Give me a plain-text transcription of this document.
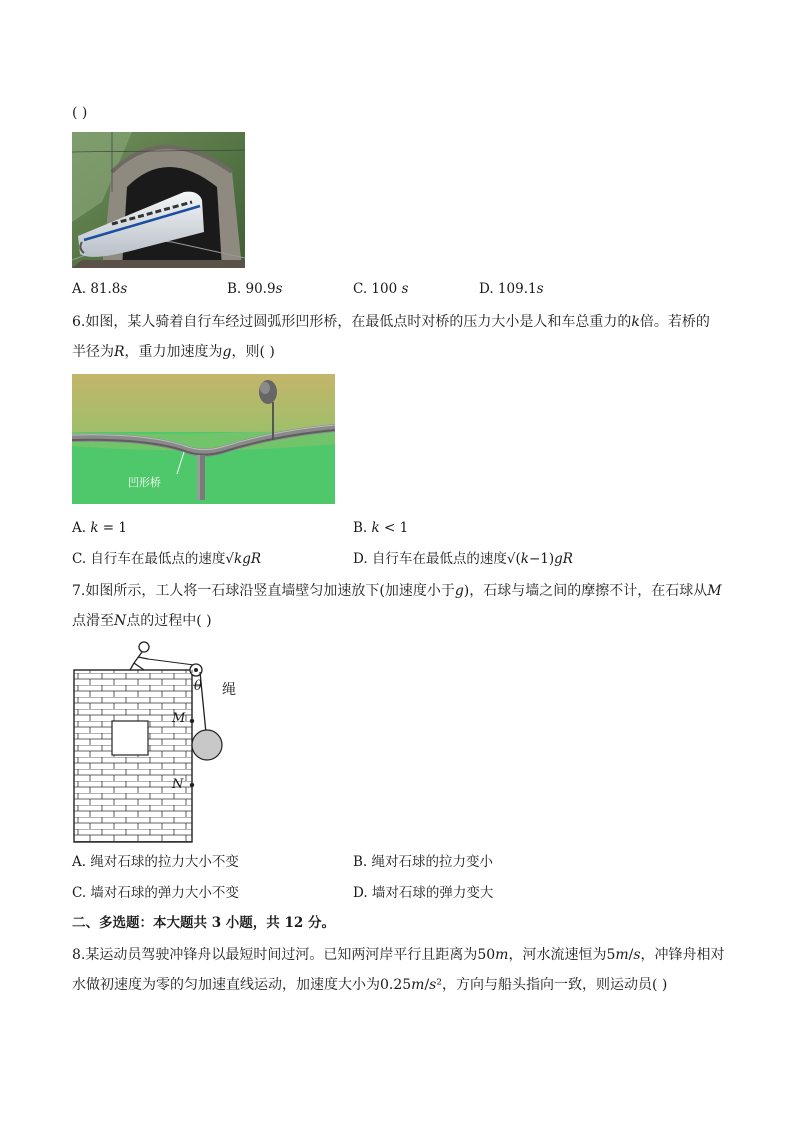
( )
A. 81.8𝑠	B. 90.9𝑠	C. 100 𝑠	D. 109.1𝑠
6.如图，某人骑着自行车经过圆弧形凹形桥，在最低点时对桥的压力大小是人和车总重力的𝑘倍。若桥的
半径为𝑅，重力加速度为𝑔，则( )
凹形桥
A. 𝑘 = 1	B. 𝑘 < 1
C. 自行车在最低点的速度√𝑘𝑔𝑅	D. 自行车在最低点的速度√(𝑘−1)𝑔𝑅
7.如图所示，工人将一石球沿竖直墙壁匀加速放下(加速度小于𝑔)，石球与墙之间的摩擦不计，在石球从𝑀
点滑至𝑁点的过程中( )
𝜃 绳
𝑀
𝑁
A. 绳对石球的拉力大小不变	B. 绳对石球的拉力变小
C. 墙对石球的弹力大小不变	D. 墙对石球的弹力变大
二、多选题：本大题共 3 小题，共 12 分。
8.某运动员驾驶冲锋舟以最短时间过河。已知两河岸平行且距离为50𝑚，河水流速恒为5𝑚/𝑠，冲锋舟相对
水做初速度为零的匀加速直线运动，加速度大小为0.25𝑚/𝑠²，方向与船头指向一致，则运动员( )
